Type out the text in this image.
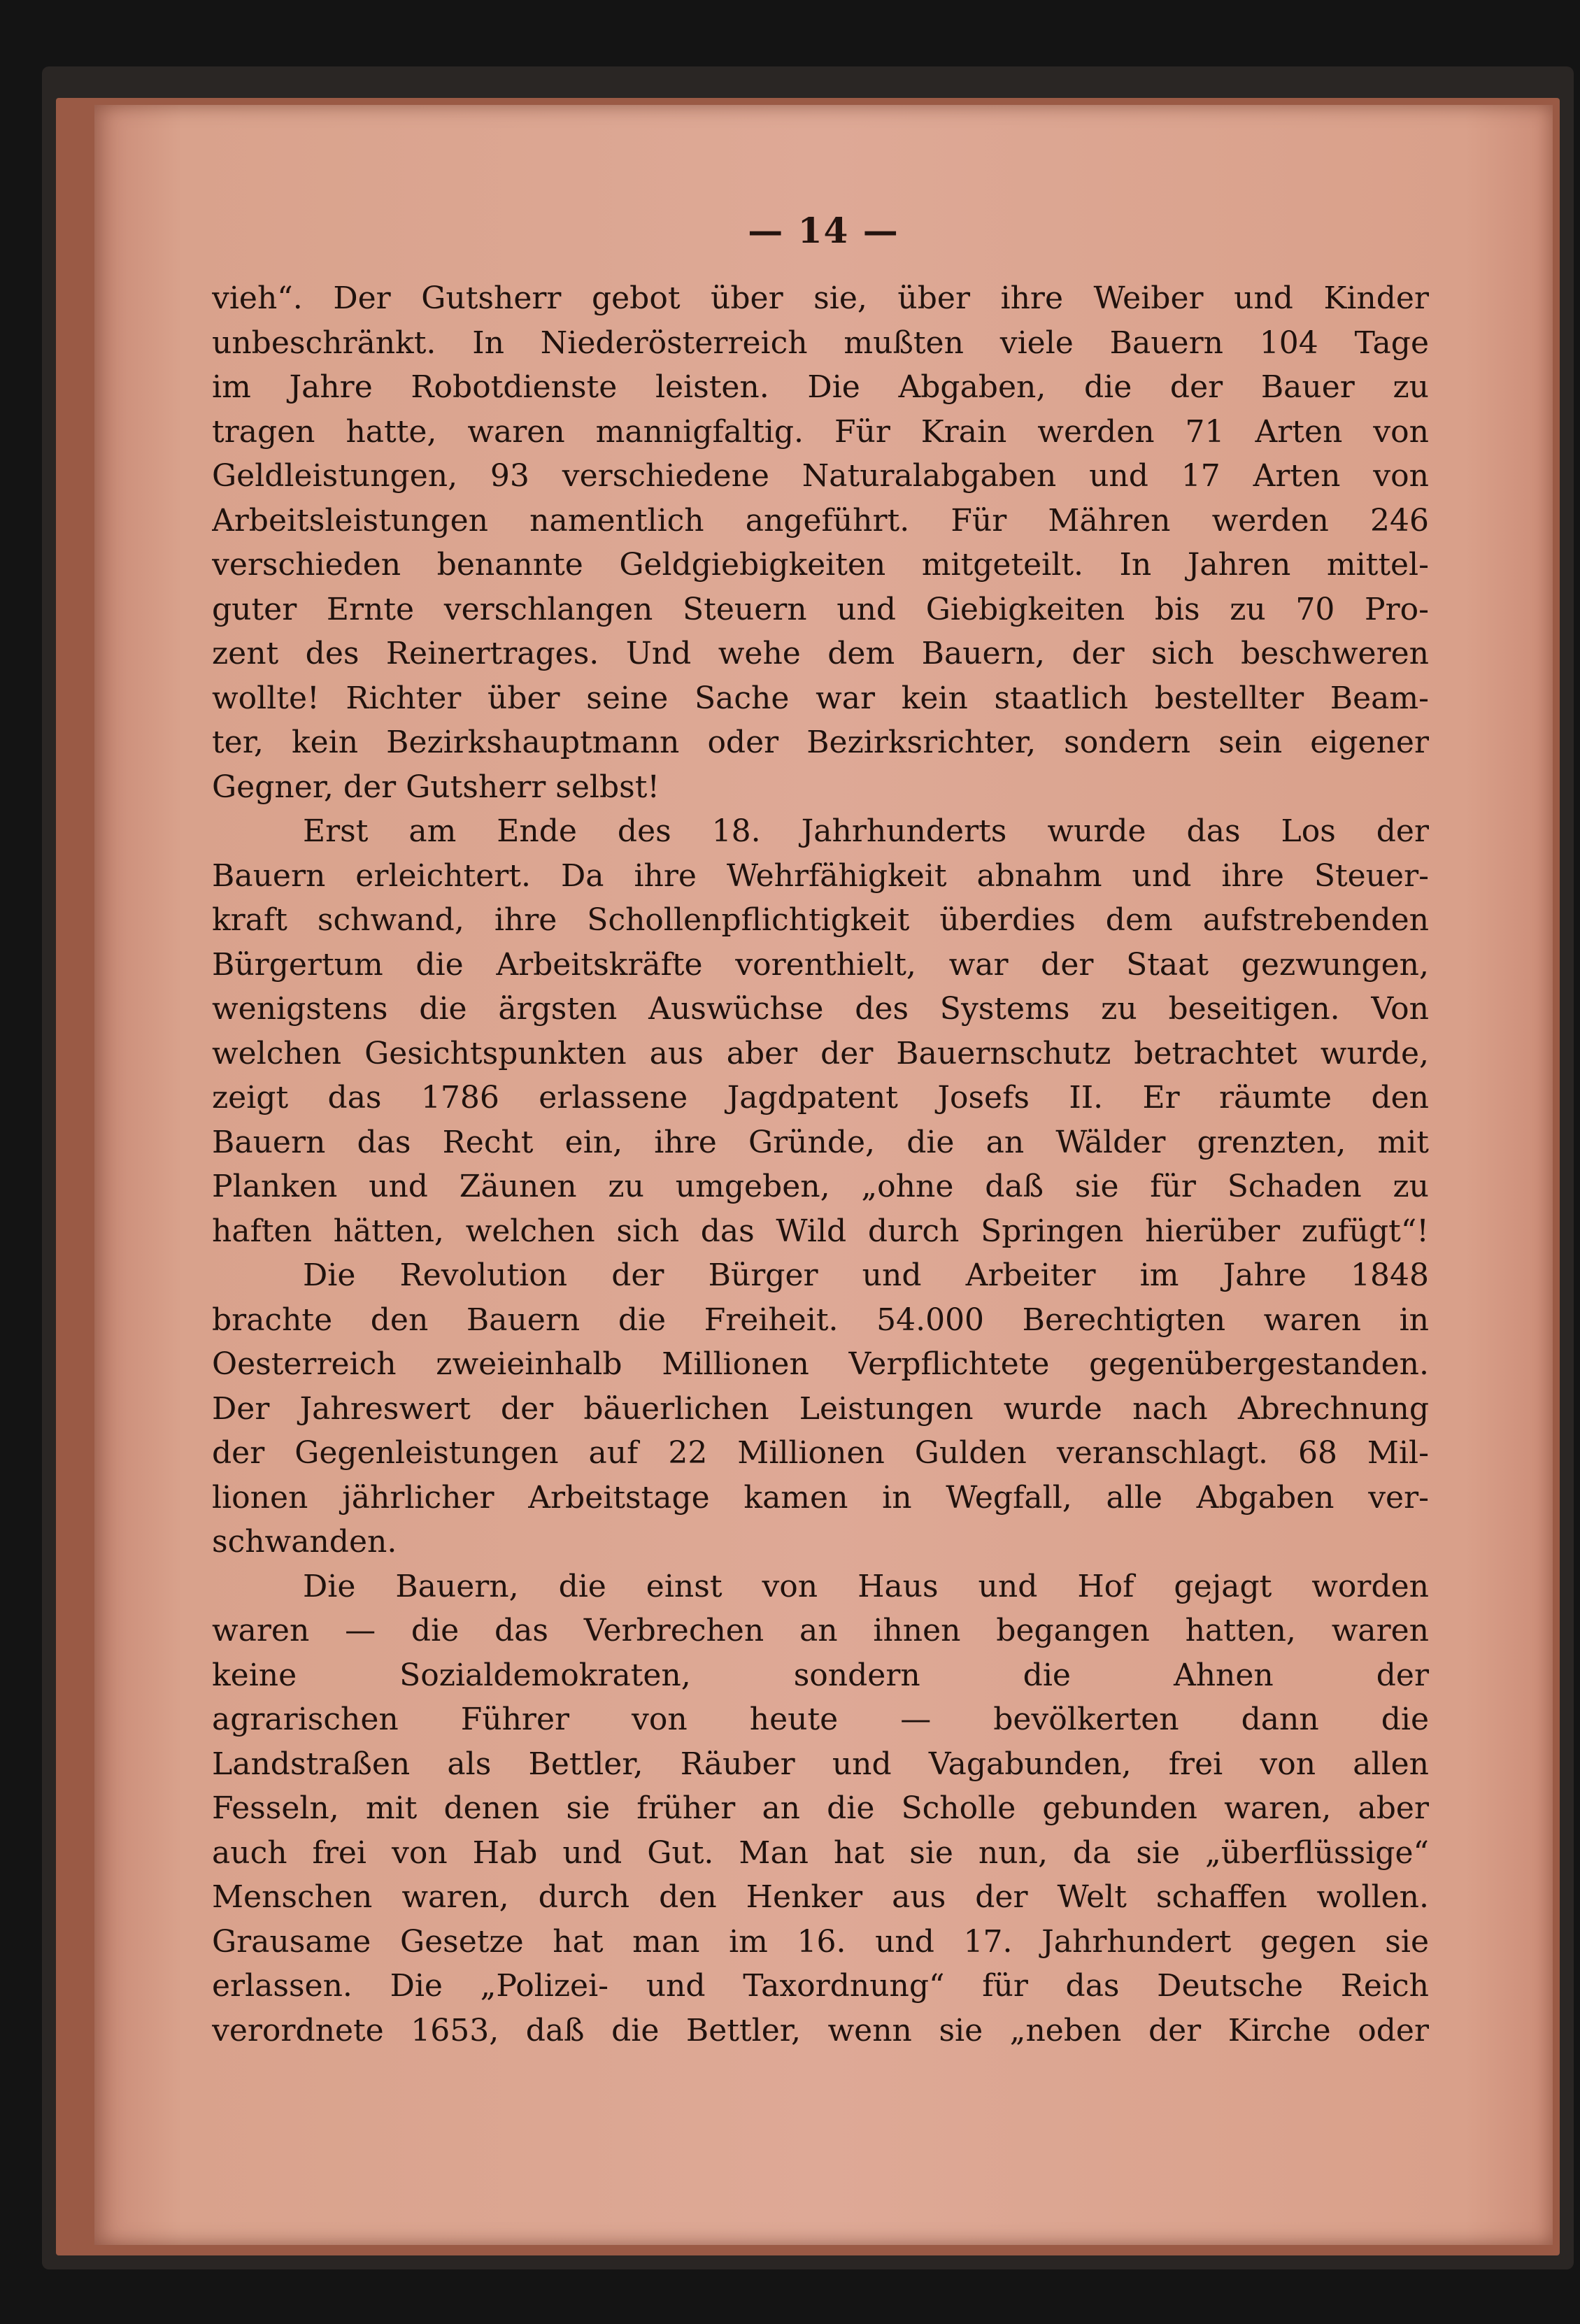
— 14 —
vieh“. Der Gutsherr gebot über sie, über ihre Weiber und Kinder
unbeschränkt. In Niederösterreich mußten viele Bauern 104 Tage
im Jahre Robotdienste leisten. Die Abgaben, die der Bauer zu
tragen hatte, waren mannigfaltig. Für Krain werden 71 Arten von
Geldleistungen, 93 verschiedene Naturalabgaben und 17 Arten von
Arbeitsleistungen namentlich angeführt. Für Mähren werden 246
verschieden benannte Geldgiebigkeiten mitgeteilt. In Jahren mittel-
guter Ernte verschlangen Steuern und Giebigkeiten bis zu 70 Pro-
zent des Reinertrages. Und wehe dem Bauern, der sich beschweren
wollte! Richter über seine Sache war kein staatlich bestellter Beam-
ter, kein Bezirkshauptmann oder Bezirksrichter, sondern sein eigener
Gegner, der Gutsherr selbst!
Erst am Ende des 18. Jahrhunderts wurde das Los der
Bauern erleichtert. Da ihre Wehrfähigkeit abnahm und ihre Steuer-
kraft schwand, ihre Schollenpflichtigkeit überdies dem aufstrebenden
Bürgertum die Arbeitskräfte vorenthielt, war der Staat gezwungen,
wenigstens die ärgsten Auswüchse des Systems zu beseitigen. Von
welchen Gesichtspunkten aus aber der Bauernschutz betrachtet wurde,
zeigt das 1786 erlassene Jagdpatent Josefs II. Er räumte den
Bauern das Recht ein, ihre Gründe, die an Wälder grenzten, mit
Planken und Zäunen zu umgeben, „ohne daß sie für Schaden zu
haften hätten, welchen sich das Wild durch Springen hierüber zufügt“!
Die Revolution der Bürger und Arbeiter im Jahre 1848
brachte den Bauern die Freiheit. 54.000 Berechtigten waren in
Oesterreich zweieinhalb Millionen Verpflichtete gegenübergestanden.
Der Jahreswert der bäuerlichen Leistungen wurde nach Abrechnung
der Gegenleistungen auf 22 Millionen Gulden veranschlagt. 68 Mil-
lionen jährlicher Arbeitstage kamen in Wegfall, alle Abgaben ver-
schwanden.
Die Bauern, die einst von Haus und Hof gejagt worden
waren — die das Verbrechen an ihnen begangen hatten, waren
keine Sozialdemokraten, sondern die Ahnen der
agrarischen Führer von heute — bevölkerten dann die
Landstraßen als Bettler, Räuber und Vagabunden, frei von allen
Fesseln, mit denen sie früher an die Scholle gebunden waren, aber
auch frei von Hab und Gut. Man hat sie nun, da sie „überflüssige“
Menschen waren, durch den Henker aus der Welt schaffen wollen.
Grausame Gesetze hat man im 16. und 17. Jahrhundert gegen sie
erlassen. Die „Polizei- und Taxordnung“ für das Deutsche Reich
verordnete 1653, daß die Bettler, wenn sie „neben der Kirche oder
